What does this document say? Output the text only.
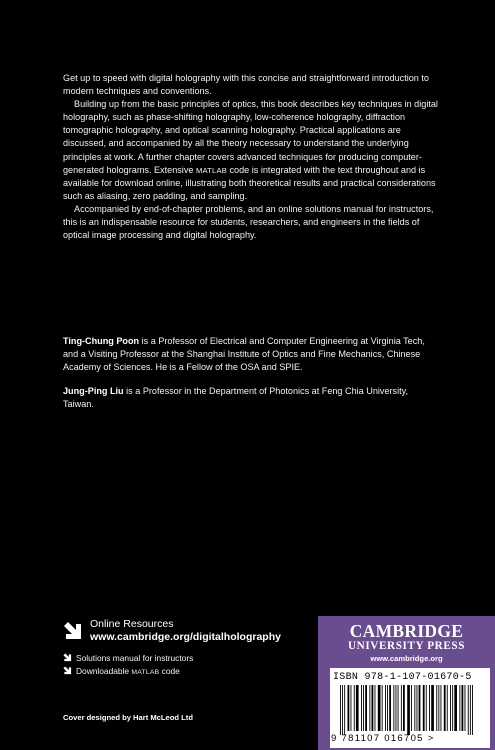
Get up to speed with digital holography with this concise and straightforward introduction to modern techniques and conventions.

Building up from the basic principles of optics, this book describes key techniques in digital holography, such as phase-shifting holography, low-coherence holography, diffraction tomographic holography, and optical scanning holography. Practical applications are discussed, and accompanied by all the theory necessary to understand the underlying principles at work. A further chapter covers advanced techniques for producing computer-generated holograms. Extensive MATLAB code is integrated with the text throughout and is available for download online, illustrating both theoretical results and practical considerations such as aliasing, zero padding, and sampling.

Accompanied by end-of-chapter problems, and an online solutions manual for instructors, this is an indispensable resource for students, researchers, and engineers in the fields of optical image processing and digital holography.

Ting-Chung Poon is a Professor of Electrical and Computer Engineering at Virginia Tech, and a Visiting Professor at the Shanghai Institute of Optics and Fine Mechanics, Chinese Academy of Sciences. He is a Fellow of the OSA and SPIE.

Jung-Ping Liu is a Professor in the Department of Photonics at Feng Chia University, Taiwan.

Online Resources
www.cambridge.org/digitalholography
Solutions manual for instructors
Downloadable MATLAB code
Cover designed by Hart McLeod Ltd
CAMBRIDGE
UNIVERSITY PRESS
www.cambridge.org
ISBN 978-1-107-01670-5
9 781107 016705 >
